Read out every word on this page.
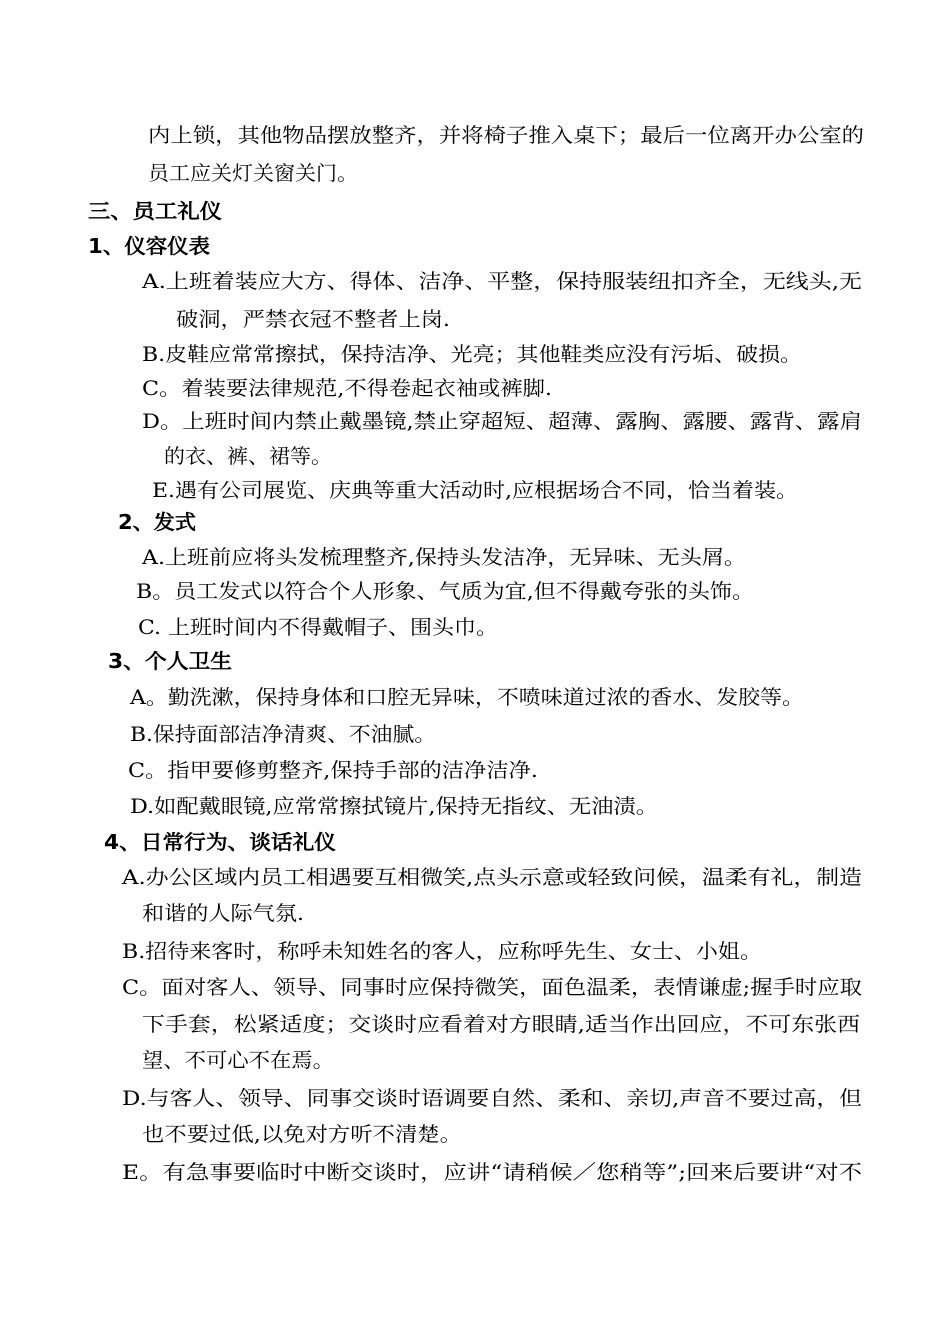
内上锁，其他物品摆放整齐，并将椅子推入桌下；最后一位离开办公室的
员工应关灯关窗关门。
三、员工礼仪
1、仪容仪表
A.上班着装应大方、得体、洁净、平整，保持服装纽扣齐全，无线头,无
破洞，严禁衣冠不整者上岗.
B.皮鞋应常常擦拭，保持洁净、光亮；其他鞋类应没有污垢、破损。
C。着装要法律规范,不得卷起衣袖或裤脚.
D。上班时间内禁止戴墨镜,禁止穿超短、超薄、露胸、露腰、露背、露肩
的衣、裤、裙等。
E.遇有公司展览、庆典等重大活动时,应根据场合不同，恰当着装。
2、发式
A.上班前应将头发梳理整齐,保持头发洁净，无异味、无头屑。
B。员工发式以符合个人形象、气质为宜,但不得戴夸张的头饰。
C. 上班时间内不得戴帽子、围头巾。
3、个人卫生
A。勤洗漱，保持身体和口腔无异味，不喷味道过浓的香水、发胶等。
B.保持面部洁净清爽、不油腻。
C。指甲要修剪整齐,保持手部的洁净洁净.
D.如配戴眼镜,应常常擦拭镜片,保持无指纹、无油渍。
4、日常行为、谈话礼仪
A.办公区域内员工相遇要互相微笑,点头示意或轻致问候，温柔有礼，制造
和谐的人际气氛.
B.招待来客时，称呼未知姓名的客人，应称呼先生、女士、小姐。
C。面对客人、领导、同事时应保持微笑，面色温柔，表情谦虚;握手时应取
下手套，松紧适度；交谈时应看着对方眼睛,适当作出回应，不可东张西
望、不可心不在焉。
D.与客人、领导、同事交谈时语调要自然、柔和、亲切,声音不要过高，但
也不要过低,以免对方听不清楚。
E。有急事要临时中断交谈时，应讲“请稍候／您稍等”;回来后要讲“对不
